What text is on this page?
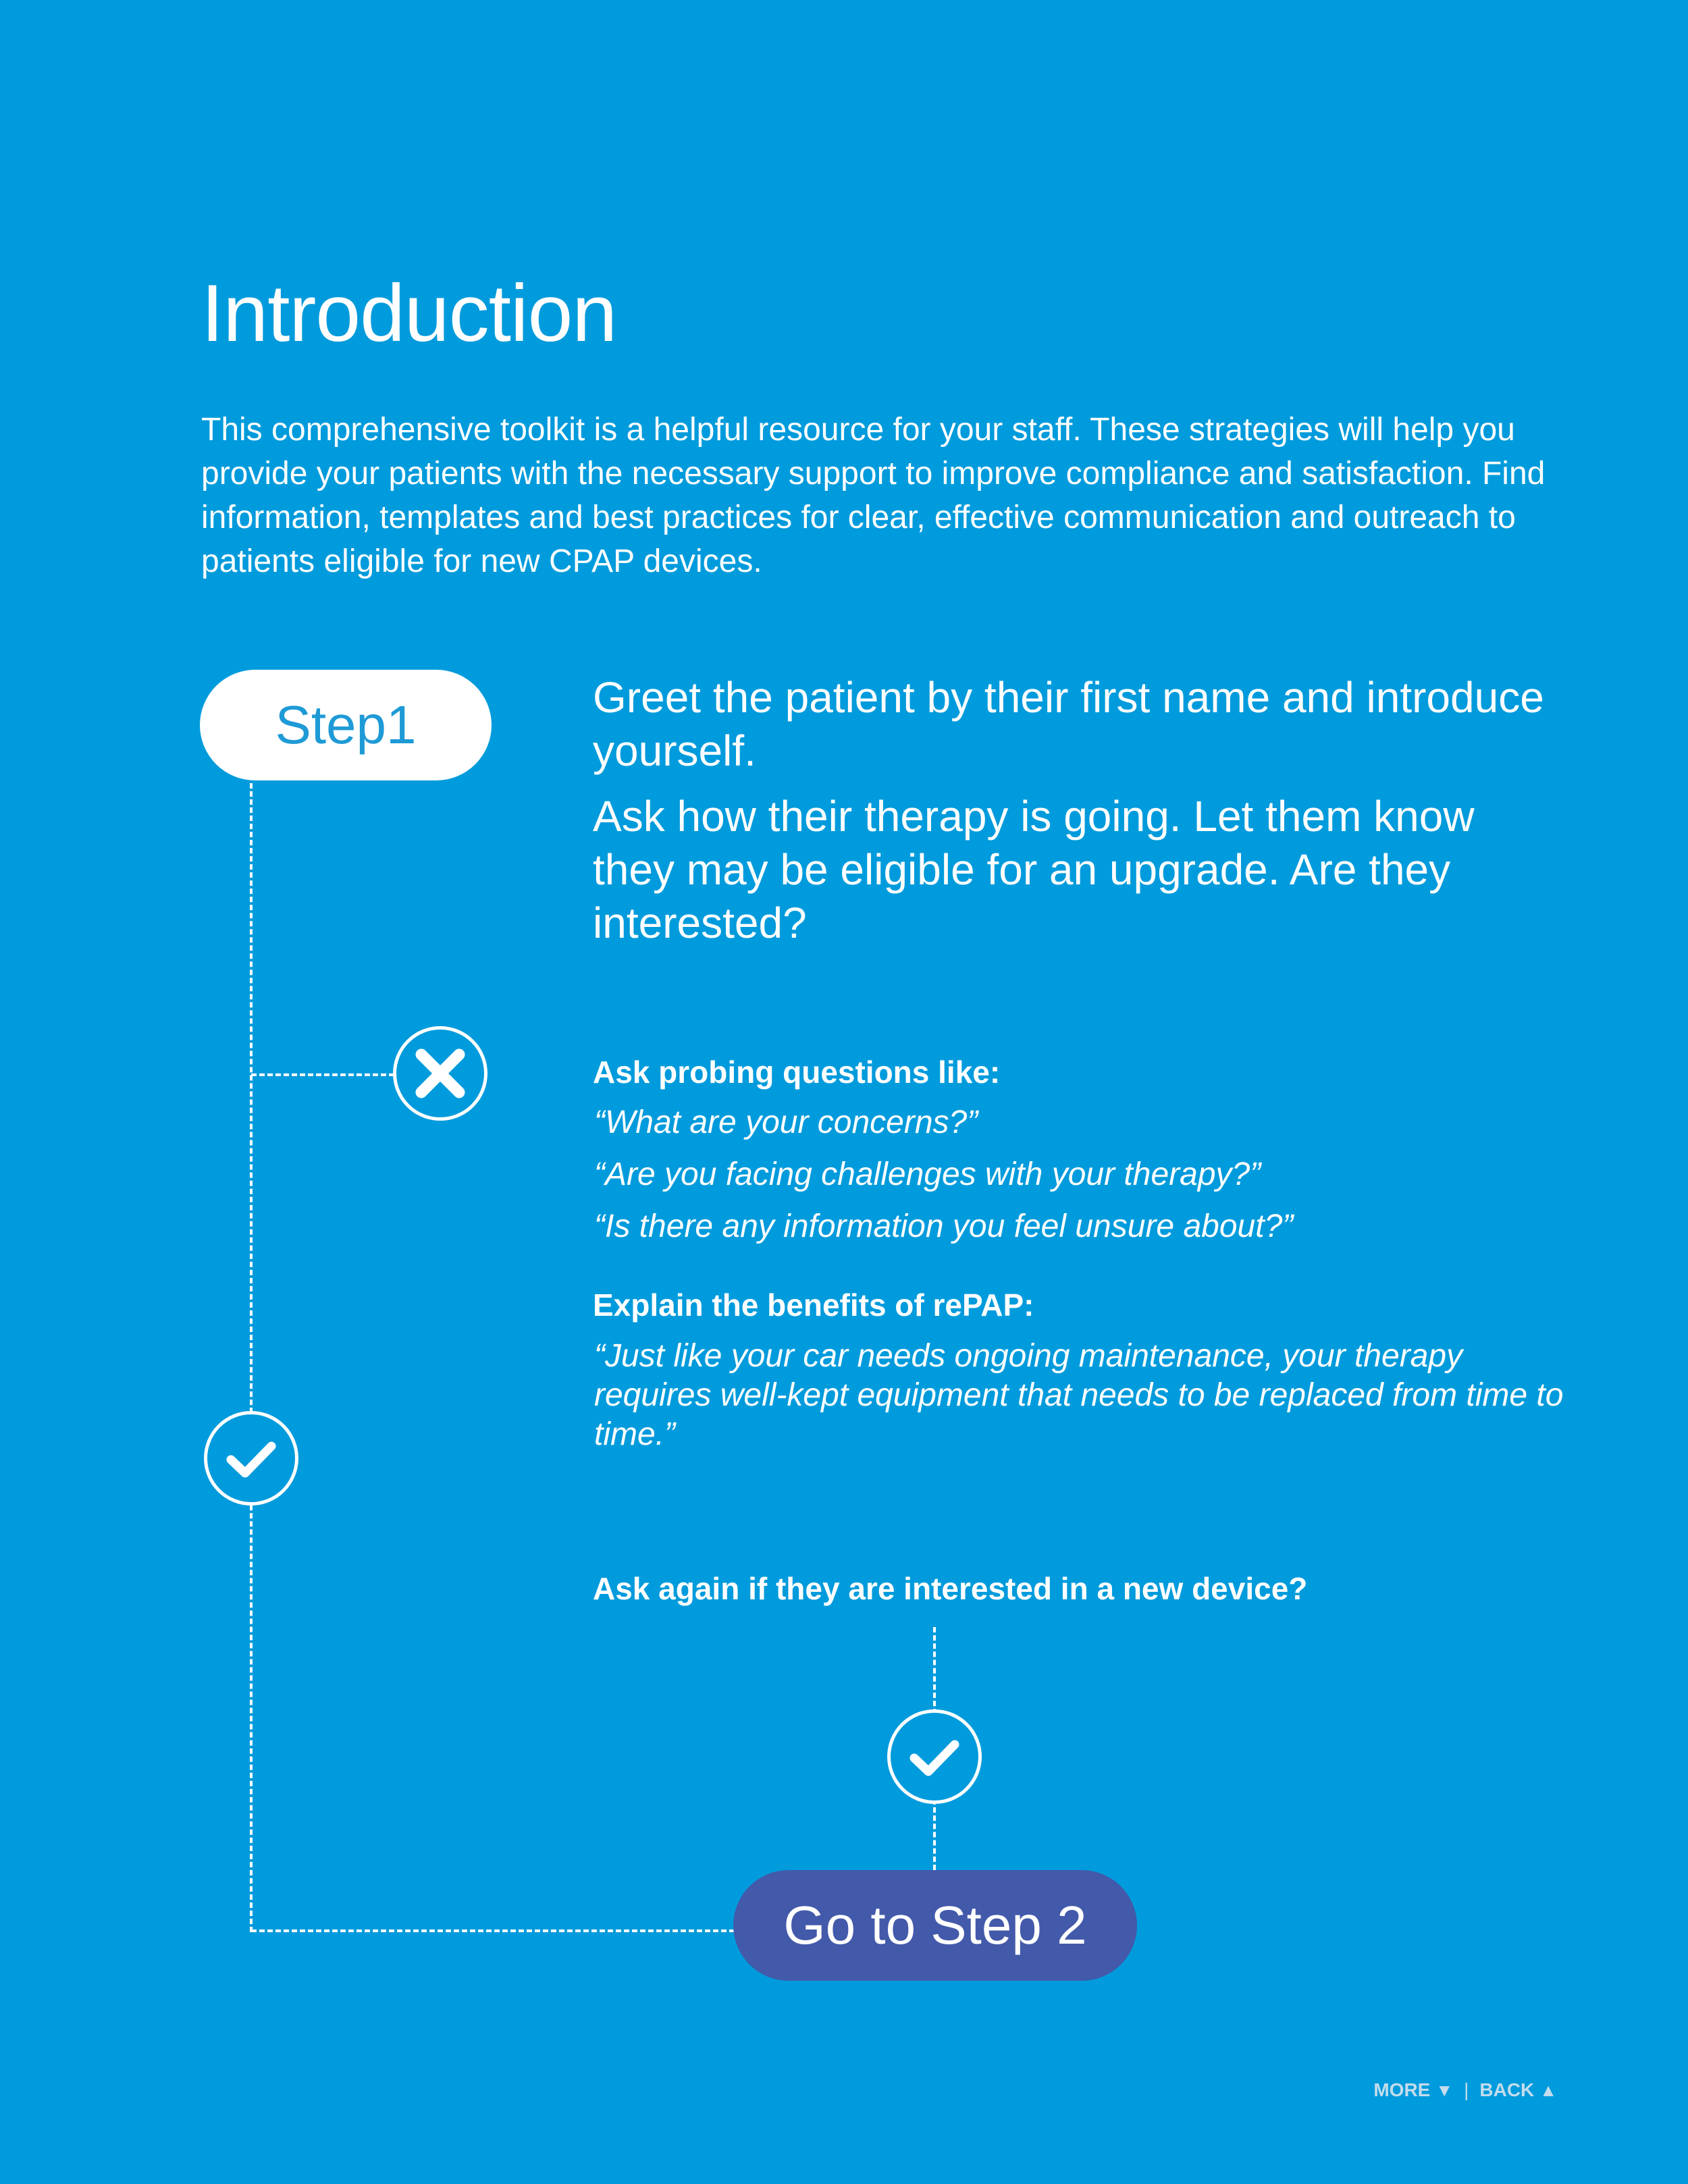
Introduction

This comprehensive toolkit is a helpful resource for your staff. These strategies will help you provide your patients with the necessary support to improve compliance and satisfaction. Find information, templates and best practices for clear, effective communication and outreach to patients eligible for new CPAP devices.

Step1	Greet the patient by their first name and introduce yourself.

Ask how their therapy is going. Let them know they may be eligible for an upgrade. Are they interested?

Ask probing questions like:

“What are your concerns?”

“Are you facing challenges with your therapy?”

“Is there any information you feel unsure about?”

Explain the benefits of rePAP:

“Just like your car needs ongoing maintenance, your therapy requires well-kept equipment that needs to be replaced from time to time.”

Ask again if they are interested in a new device?

Go to Step 2
MORE ▼ | BACK ▲
